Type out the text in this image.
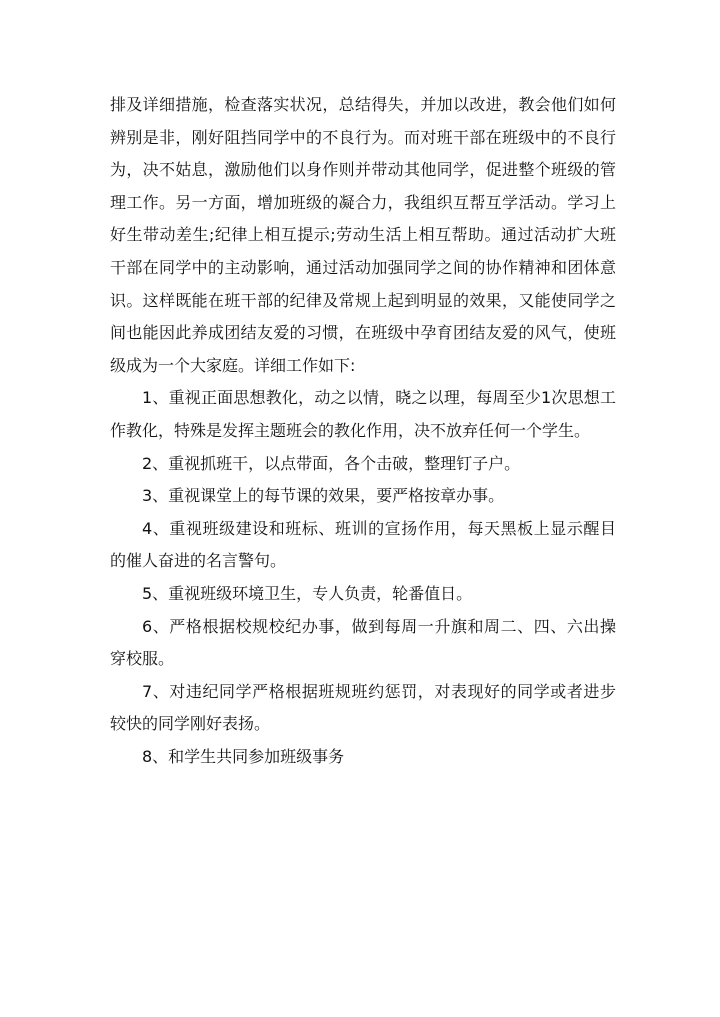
排及详细措施，检查落实状况，总结得失，并加以改进，教会他们如何辨别是非，刚好阻挡同学中的不良行为。而对班干部在班级中的不良行为，决不姑息，激励他们以身作则并带动其他同学，促进整个班级的管理工作。另一方面，增加班级的凝合力，我组织互帮互学活动。学习上好生带动差生;纪律上相互提示;劳动生活上相互帮助。通过活动扩大班干部在同学中的主动影响，通过活动加强同学之间的协作精神和团体意识。这样既能在班干部的纪律及常规上起到明显的效果，又能使同学之间也能因此养成团结友爱的习惯，在班级中孕育团结友爱的风气，使班级成为一个大家庭。详细工作如下:

1、重视正面思想教化，动之以情，晓之以理，每周至少1次思想工作教化，特殊是发挥主题班会的教化作用，决不放弃任何一个学生。

2、重视抓班干，以点带面，各个击破，整理钉子户。

3、重视课堂上的每节课的效果，要严格按章办事。

4、重视班级建设和班标、班训的宣扬作用，每天黑板上显示醒目的催人奋进的名言警句。

5、重视班级环境卫生，专人负责，轮番值日。

6、严格根据校规校纪办事，做到每周一升旗和周二、四、六出操穿校服。

7、对违纪同学严格根据班规班约惩罚，对表现好的同学或者进步较快的同学刚好表扬。

8、和学生共同参加班级事务
